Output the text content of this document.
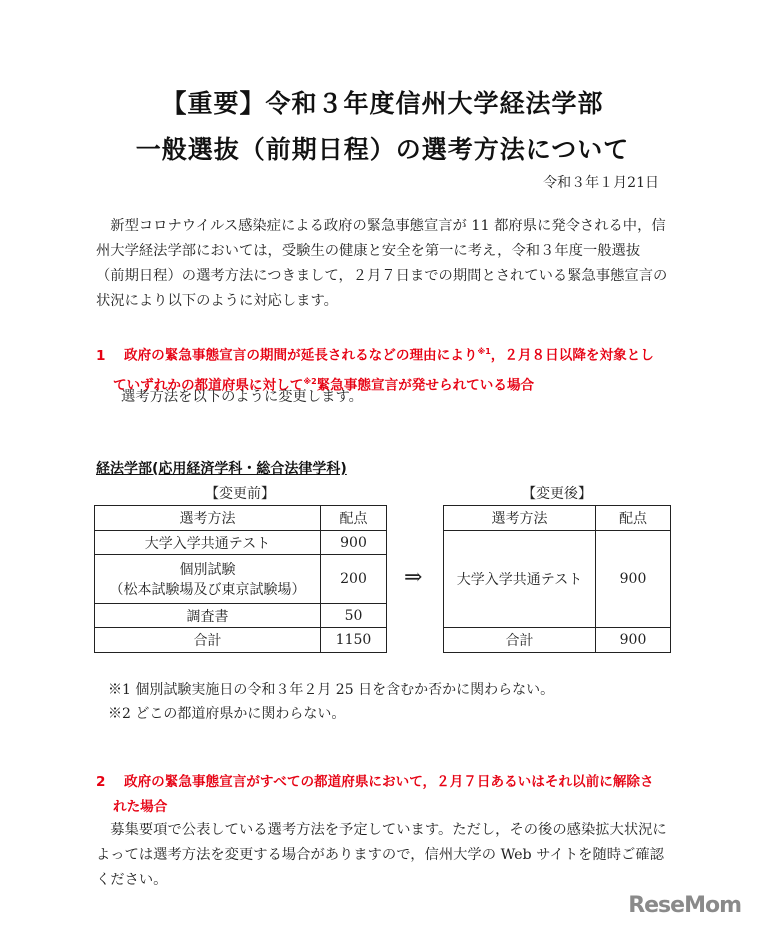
【重要】令和３年度信州大学経法学部
一般選抜（前期日程）の選考方法について
令和３年１月21日
新型コロナウイルス感染症による政府の緊急事態宣言が 11 都府県に発令される中，信州大学経法学部においては，受験生の健康と安全を第一に考え，令和３年度一般選抜（前期日程）の選考方法につきまして，２月７日までの期間とされている緊急事態宣言の状況により以下のように対応します。
1 政府の緊急事態宣言の期間が延長されるなどの理由により$^{※1}$，２月８日以降を対象とし
ていずれかの都道府県に対して$^{※2}$緊急事態宣言が発せられている場合
選考方法を以下のように変更します。
経法学部(応用経済学科・総合法律学科)
【変更前】
選考方法	配点
大学入学共通テスト	900

個別試験
（松本試験場及び東京試験場）	200
調査書	50
合計	1150
⇒
【変更後】
選考方法	配点
大学入学共通テスト	900
合計	900
※1 個別試験実施日の令和３年２月 25 日を含むか否かに関わらない。
※2 どこの都道府県かに関わらない。
2 政府の緊急事態宣言がすべての都道府県において，２月７日あるいはそれ以前に解除さ
れた場合
募集要項で公表している選考方法を予定しています。ただし，その後の感染拡大状況によっては選考方法を変更する場合がありますので，信州大学の Web サイトを随時ご確認ください。
ReseMom
